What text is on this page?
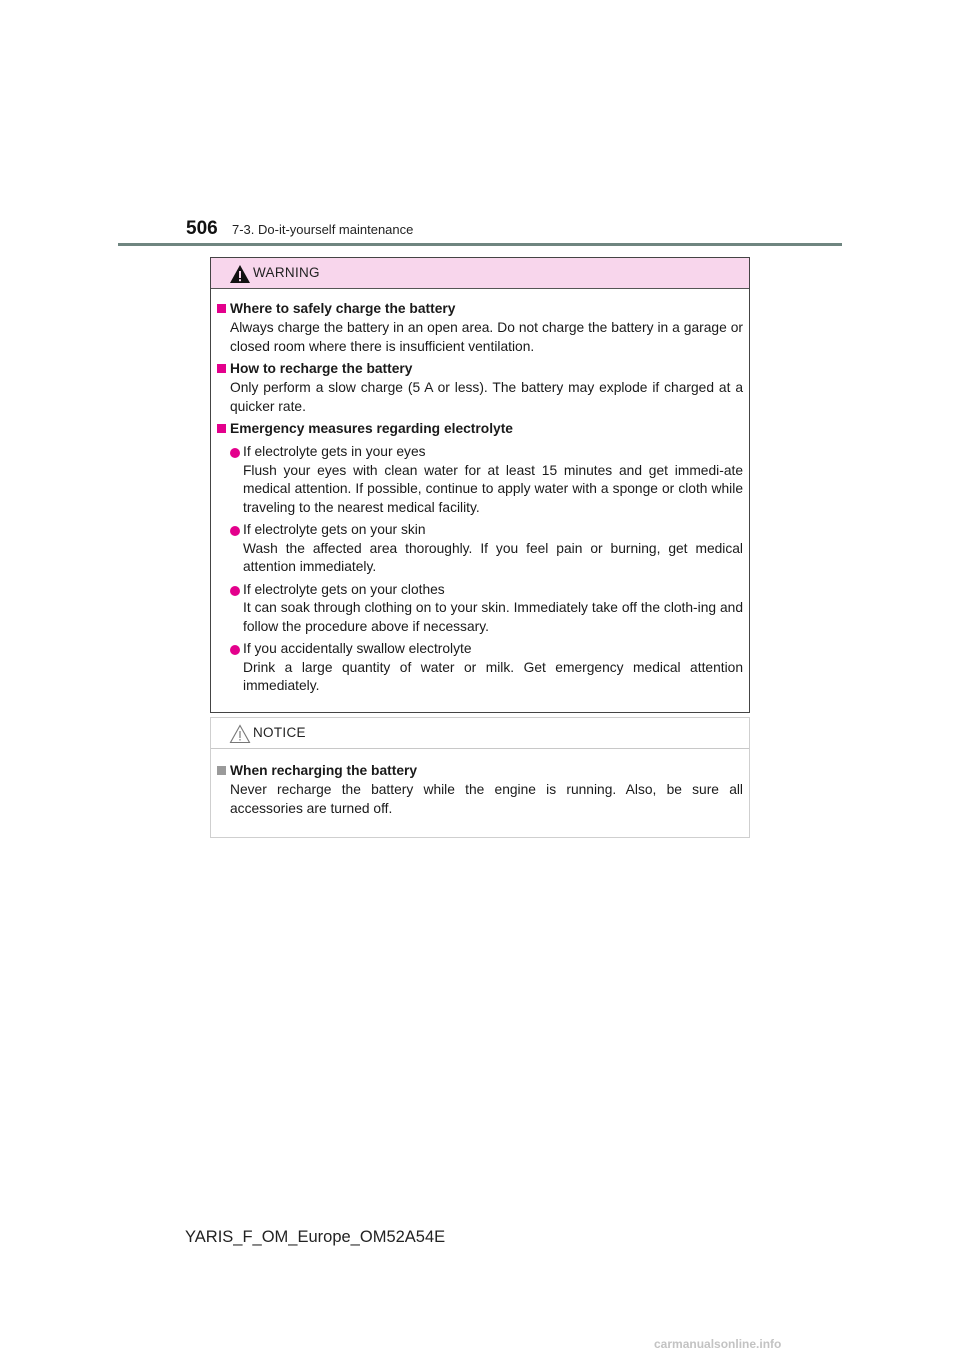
506 7-3. Do-it-yourself maintenance
WARNING
Where to safely charge the battery
Always charge the battery in an open area. Do not charge the battery in a garage or closed room where there is insufficient ventilation.
How to recharge the battery
Only perform a slow charge (5 A or less). The battery may explode if charged at a quicker rate.
Emergency measures regarding electrolyte
If electrolyte gets in your eyes
Flush your eyes with clean water for at least 15 minutes and get immedi-ate medical attention. If possible, continue to apply water with a sponge or cloth while traveling to the nearest medical facility.
If electrolyte gets on your skin
Wash the affected area thoroughly. If you feel pain or burning, get medical attention immediately.
If electrolyte gets on your clothes
It can soak through clothing on to your skin. Immediately take off the cloth-ing and follow the procedure above if necessary.
If you accidentally swallow electrolyte
Drink a large quantity of water or milk. Get emergency medical attention immediately.
NOTICE
When recharging the battery
Never recharge the battery while the engine is running. Also, be sure all accessories are turned off.
YARIS_F_OM_Europe_OM52A54E
carmanualsonline.info
